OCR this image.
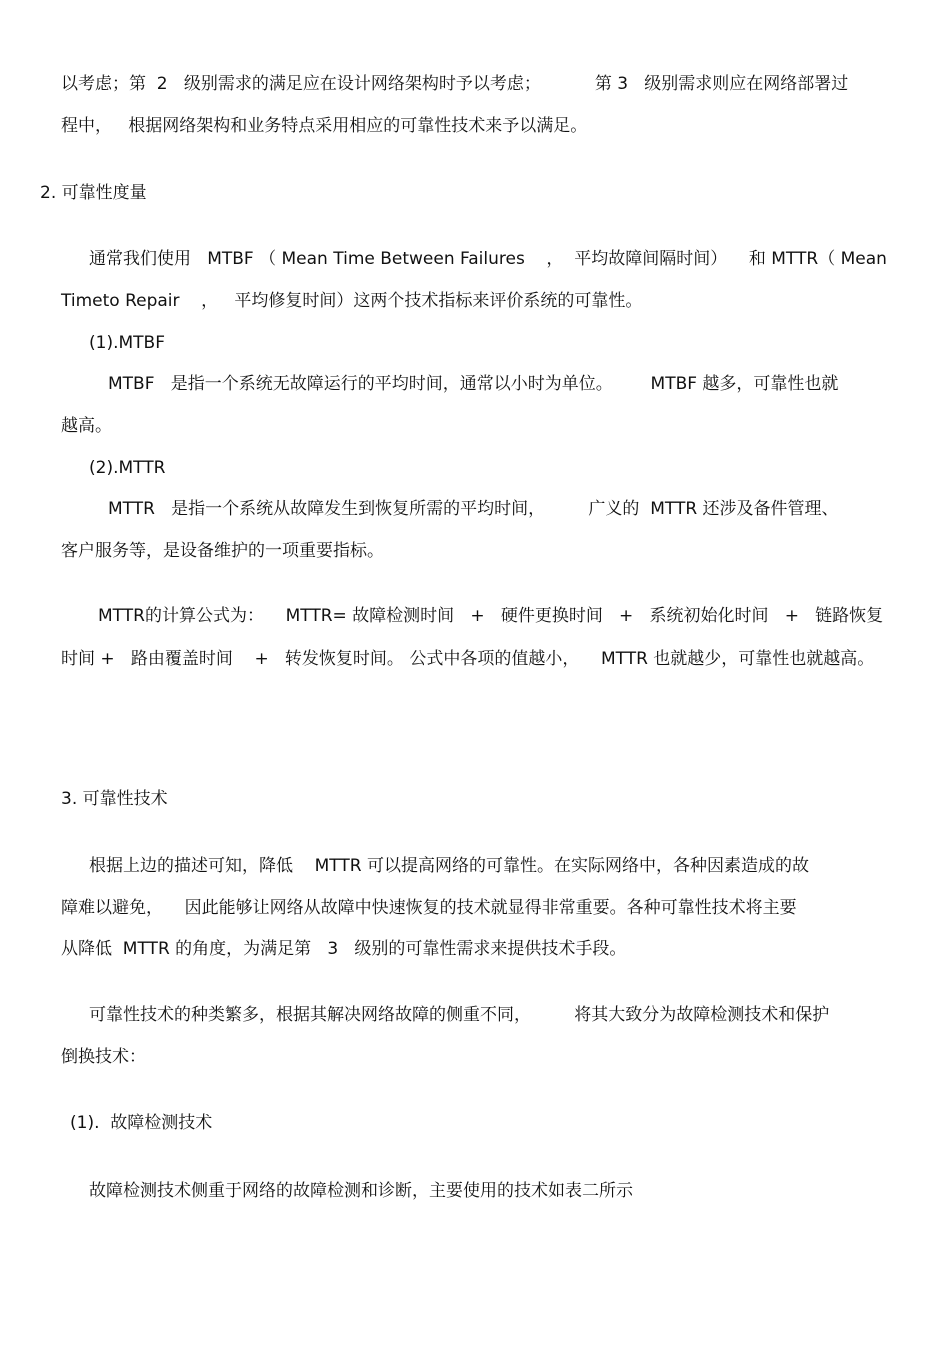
以考虑；第  2   级别需求的满足应在设计网络架构时予以考虑；          第 3   级别需求则应在网络部署过
程中，   根据网络架构和业务特点采用相应的可靠性技术来予以满足。
2. 可靠性度量
通常我们使用   MTBF （ Mean Time Between Failures    ，  平均故障间隔时间）    和 MTTR（ Mean
Timeto Repair    ，   平均修复时间）这两个技术指标来评价系统的可靠性。
(1).MTBF
MTBF   是指一个系统无故障运行的平均时间，通常以小时为单位。       MTBF 越多，可靠性也就
越高。
(2).MTTR
MTTR   是指一个系统从故障发生到恢复所需的平均时间，        广义的  MTTR 还涉及备件管理、
客户服务等，是设备维护的一项重要指标。
MTTR的计算公式为：    MTTR= 故障检测时间   +   硬件更换时间   +   系统初始化时间   +   链路恢复
时间 +   路由覆盖时间    +   转发恢复时间。 公式中各项的值越小，    MTTR 也就越少，可靠性也就越高。
3. 可靠性技术
根据上边的描述可知，降低    MTTR 可以提高网络的可靠性。在实际网络中，各种因素造成的故
障难以避免，    因此能够让网络从故障中快速恢复的技术就显得非常重要。各种可靠性技术将主要
从降低  MTTR 的角度，为满足第   3   级别的可靠性需求来提供技术手段。
可靠性技术的种类繁多，根据其解决网络故障的侧重不同，        将其大致分为故障检测技术和保护
倒换技术：
(1).  故障检测技术
故障检测技术侧重于网络的故障检测和诊断，主要使用的技术如表二所示
